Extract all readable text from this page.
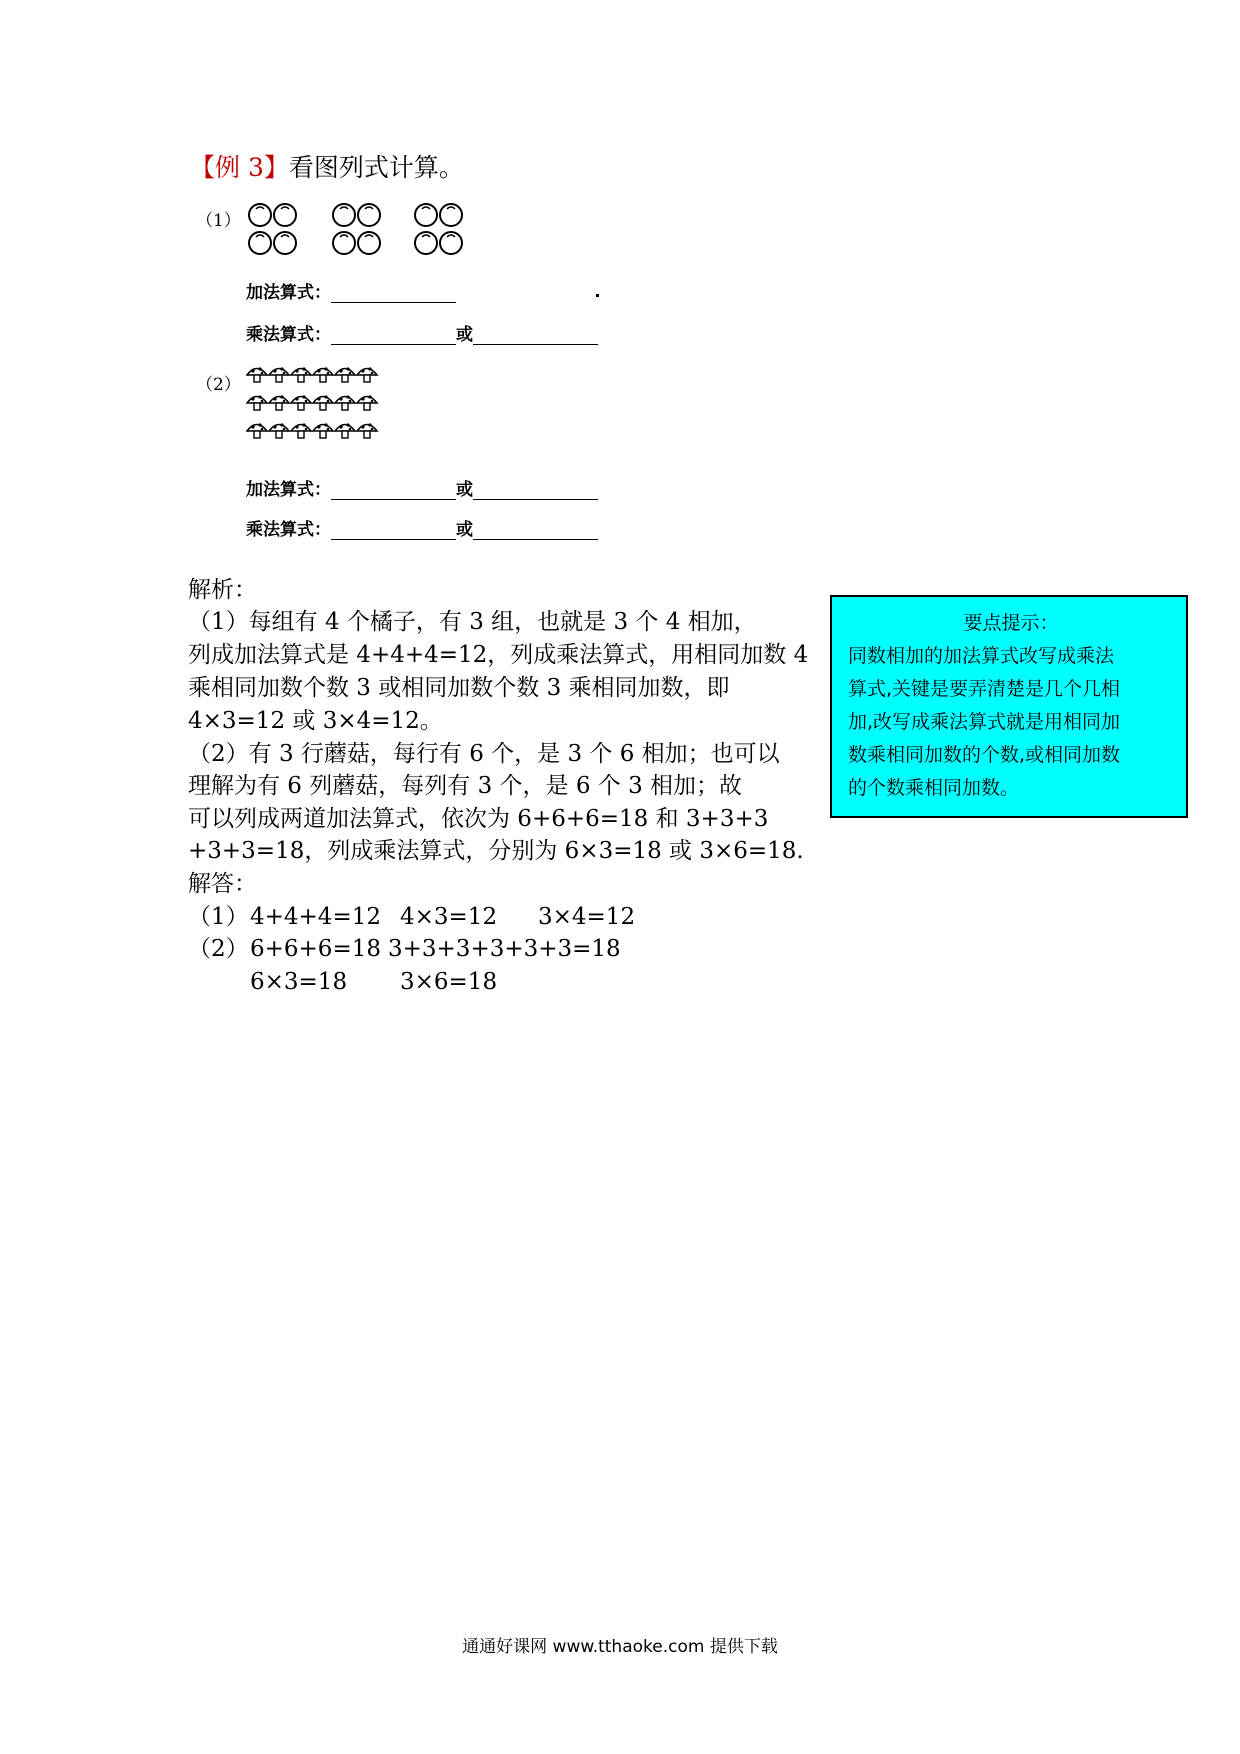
【例 3】看图列式计算。
（1）
加法算式：
乘法算式：	或
（2）
加法算式：	或
乘法算式：	或
解析：
（1）每组有 4 个橘子，有 3 组，也就是 3 个 4 相加，
列成加法算式是 4+4+4=12，列成乘法算式，用相同加数 4
乘相同加数个数 3 或相同加数个数 3 乘相同加数，即
4×3=12 或 3×4=12。
（2）有 3 行蘑菇，每行有 6 个，是 3 个 6 相加；也可以
理解为有 6 列蘑菇，每列有 3 个，是 6 个 3 相加；故
可以列成两道加法算式，依次为 6+6+6=18 和 3+3+3
+3+3=18，列成乘法算式，分别为 6×3=18 或 3×6=18.
解答：
（1） 4+4+4=12 4×3=12 3×4=12
（2） 6+6+6=18 3+3+3+3+3+3=18
6×3=18 3×6=18
要点提示：
同数相加的加法算式改写成乘法
算式,关键是要弄清楚是几个几相
加,改写成乘法算式就是用相同加
数乘相同加数的个数,或相同加数
的个数乘相同加数。
通通好课网 www.tthaoke.com 提供下载
